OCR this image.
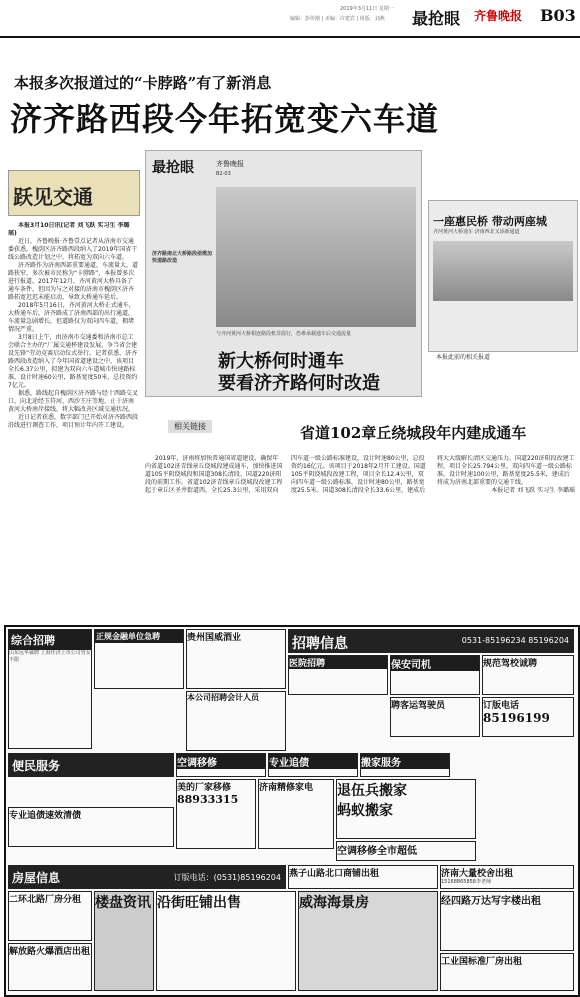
2019年3月11日 星期一
编辑：彭传刚 | 美编：许建宾 | 组版：刘燕 最抢眼 齐鲁晚报 B03
本报多次报道过的“卡脖路”有了新消息
济齐路西段今年拓宽变六车道
跃见交通

本报3月10日讯(记者 刘飞跃 实习生 李璐瑶)

近日，齐鲁晚报·齐鲁壹点记者从济南市交通委获悉，槐荫区济齐路西段纳入了2019年国省干线公路改造计划之中，将拓宽为双向六车道。

济齐路作为济南西部重要通道，车流量大，道路狭窄，多次被市民称为“卡脖路”，本报曾多次进行报道。2017年12月，齐河黄河大桥具备了通车条件，但因为与之对接的济南市槐荫区济齐路拓宽迟迟未能启动，导致大桥通车延后。

2018年5月16日，齐河黄河大桥正式通车，大桥通车后，济齐路成了济南西部的出行通道，车流量急剧增长，但道路仅为双向四车道，拥堵情况严重。

3月8日上午，由济南市交通委和济南市总工会联合主办的“厂属交通杯建设发展，争当省会建设先锋”劳动竞赛启动仪式举行。记者获悉，济齐路西段改造纳入了今年国省道建设之中，该项目全长6.37公里，拟建为双向六车道城市快速路标准，设计时速60公里，路基宽度50米，总投资约7亿元。

据悉，路线起自槐荫区济齐路与经十西路交叉口，向北途经玉符河、西沙王庄等地，止于济南黄河大桥南岸接线，将大幅改善区域交通状况。

近日记者获悉，数字部门已开始对济齐路西段沿线进行调查工作，项目预计年内开工建设。

最抢眼	齐鲁晚报
B2-03
济齐路南北大桥路段亟需加快道路改造
与齐河黄河大桥相连路段机非混行，恐难承载通车后交通流量
新大桥何时通车
要看济齐路何时改造
一座惠民桥 带动两座城
齐河黄河大桥通车 济南西北又添新通道
本报此前的相关报道
相关链接	省道102章丘绕城段年内建成通车

2019年，济南将加快普通国省道建设，确保年内省道102济青线章丘绕城段建成通车，加快推进国道105平阴绕城段和国道308长清段、国道220济阳段的前期工作。省道102济青线章丘绕城段改建工程起于章丘区圣井街道西，全长25.3公里，采用双向四车道一级公路标准建设，设计时速80公里，总投资约16亿元。该项目于2018年2月开工建设。国道105平阴绕城段改建工程，项目全长12.4公里，双向四车道一级公路标准，设计时速80公里，路基宽度25.5米。国道308长清段全长33.6公里，建成后将大大缓解长清区交通压力。国道220济阳段改建工程，项目全长25.794公里，双向四车道一级公路标准，设计时速100公里，路基宽度25.5米，建成后将成为济南北部重要的交通干线。

本报记者 刘飞跃 实习生 李璐瑶

综合招聘
山东远华诚聘 上海佳济上市公司男女不限
正规金融单位急聘	贵州国威酒业	招聘信息	0531-85196234 85196204
本公司招聘会计人员
医院招聘	保安司机	规范驾校诚聘
聘客运驾驶员	订版电话
85196199
便民服务	空调移修	专业追债	搬家服务
退伍兵搬家
蚂蚁搬家
专业追债速效清债
美的厂家移修
88933315
济南精修家电
空调移修全市超低
房屋信息	订版电话：(0531)85196204 燕子山路北口商铺出租	济南大量校舍出租
15168865858李老师
二环北路厂房分租 楼盘资讯 沿街旺铺出售	威海海景房	经四路万达写字楼出租
解放路火爆酒店出租
工业国标准厂房出租
